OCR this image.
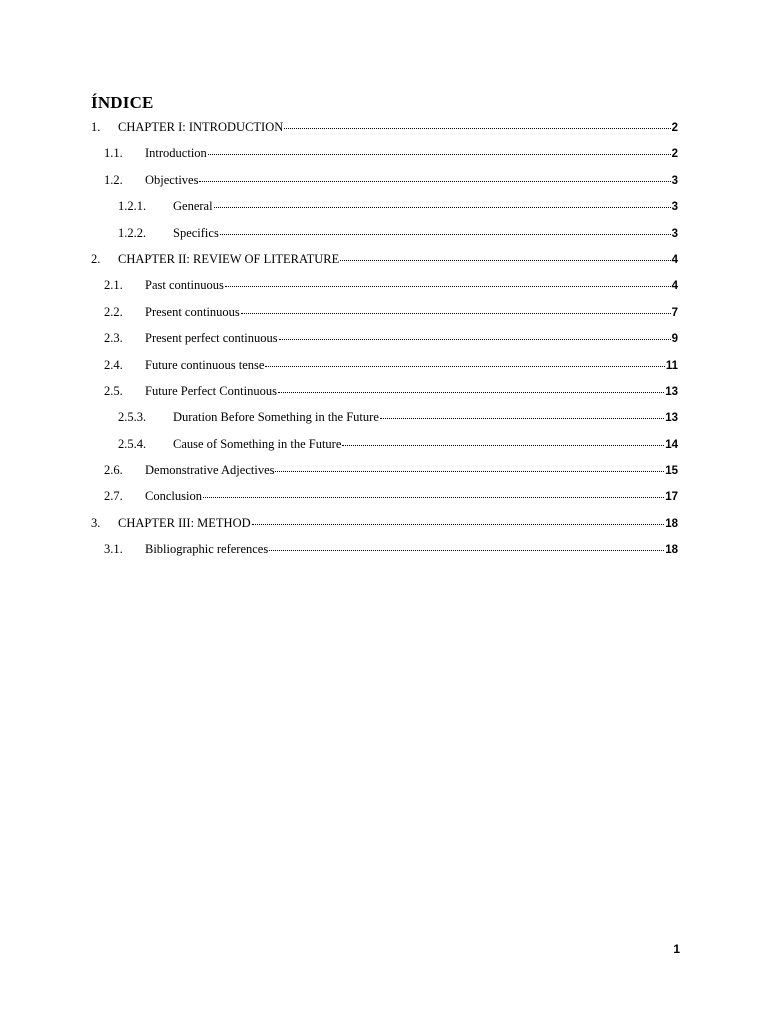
ÍNDICE
1.	CHAPTER I: INTRODUCTION	2
1.1.	Introduction	2
1.2.	Objectives	3
1.2.1.	General	3
1.2.2.	Specifics	3
2.	CHAPTER II: REVIEW OF LITERATURE	4
2.1.	Past continuous	4
2.2.	Present continuous	7
2.3.	Present perfect continuous	9
2.4.	Future continuous tense	11
2.5.	Future Perfect Continuous	13
2.5.3.	Duration Before Something in the Future	13
2.5.4.	Cause of Something in the Future	14
2.6.	Demonstrative Adjectives	15
2.7.	Conclusion	17
3.	CHAPTER III: METHOD	18
3.1.	Bibliographic references	18
1
